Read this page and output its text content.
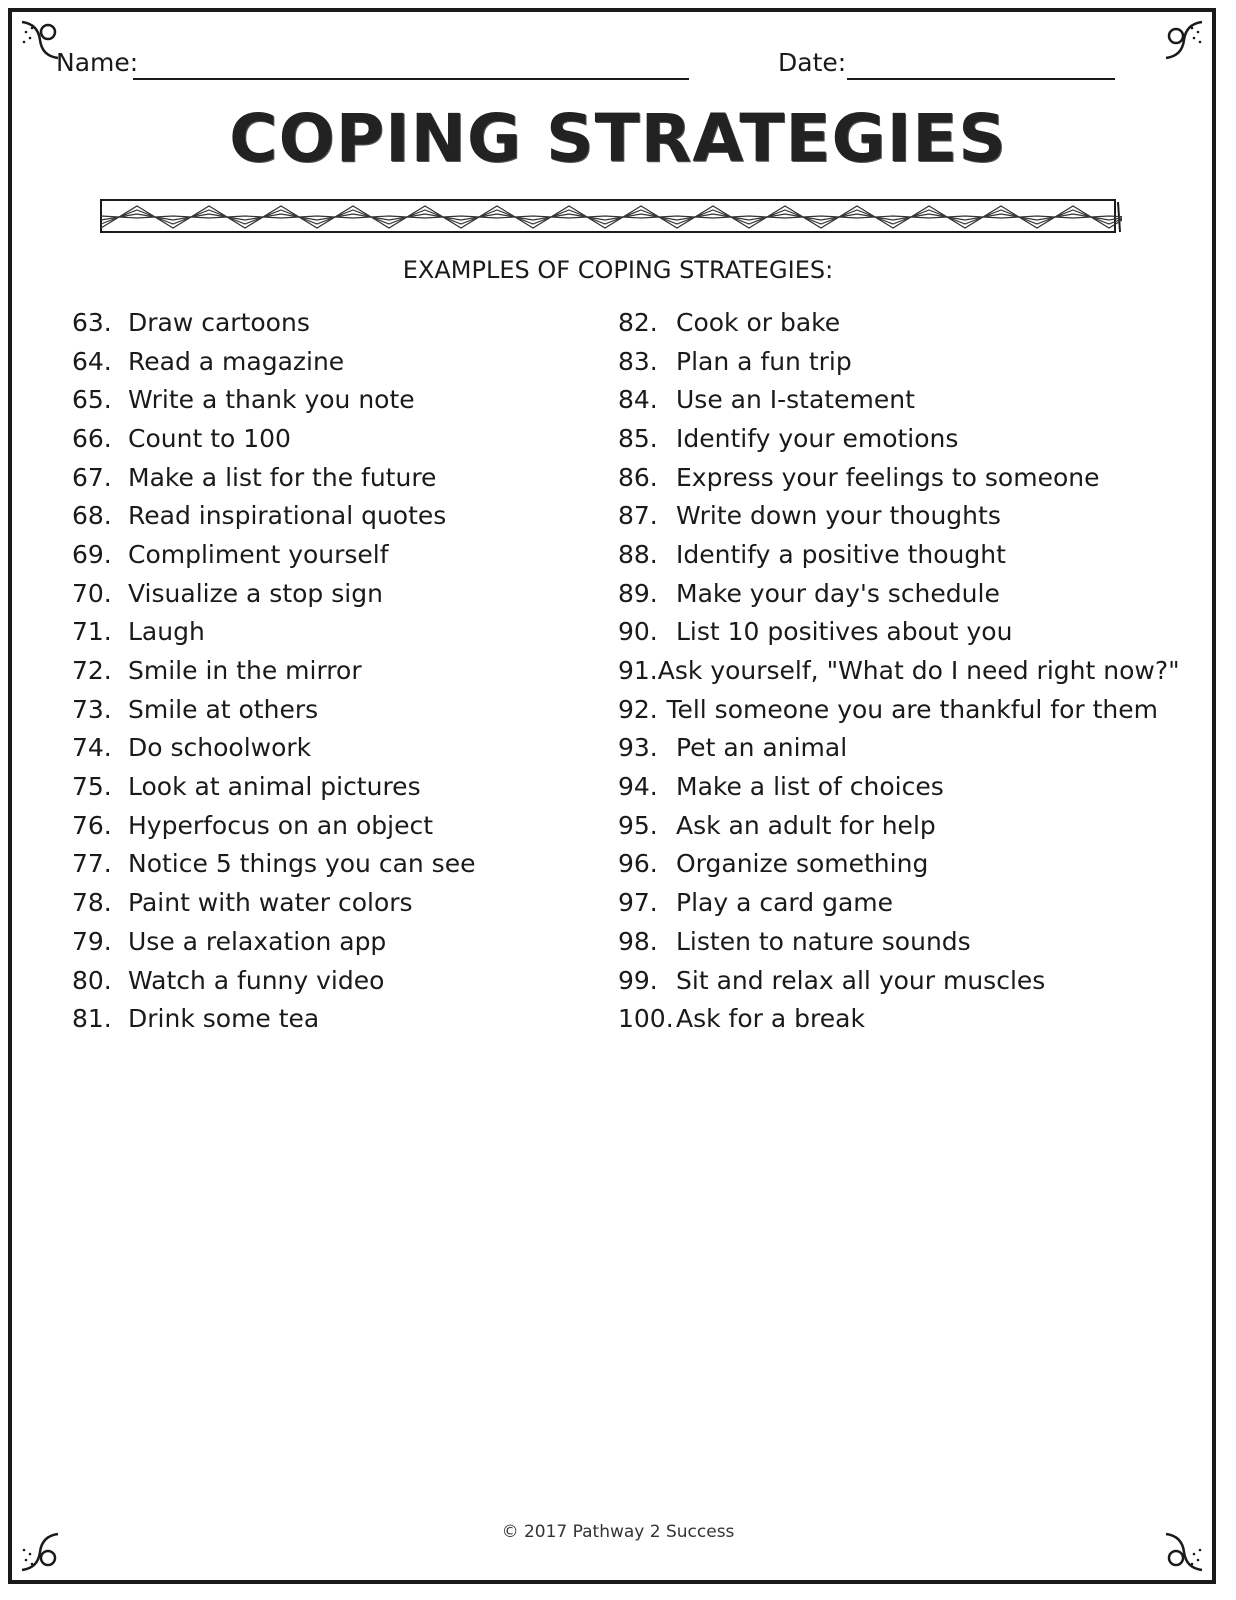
Name:	Date:
COPING STRATEGIES
EXAMPLES OF COPING STRATEGIES:
63. Draw cartoons
64. Read a magazine
65. Write a thank you note
66. Count to 100
67. Make a list for the future
68. Read inspirational quotes
69. Compliment yourself
70. Visualize a stop sign
71. Laugh
72. Smile in the mirror
73. Smile at others
74. Do schoolwork
75. Look at animal pictures
76. Hyperfocus on an object
77. Notice 5 things you can see
78. Paint with water colors
79. Use a relaxation app
80. Watch a funny video
81. Drink some tea
82. Cook or bake
83. Plan a fun trip
84. Use an I-statement
85. Identify your emotions
86. Express your feelings to someone
87. Write down your thoughts
88. Identify a positive thought
89. Make your day's schedule
90. List 10 positives about you
91. Ask yourself, "What do I need right now?"
92. Tell someone you are thankful for them
93. Pet an animal
94. Make a list of choices
95. Ask an adult for help
96. Organize something
97. Play a card game
98. Listen to nature sounds
99. Sit and relax all your muscles
100. Ask for a break
© 2017 Pathway 2 Success
